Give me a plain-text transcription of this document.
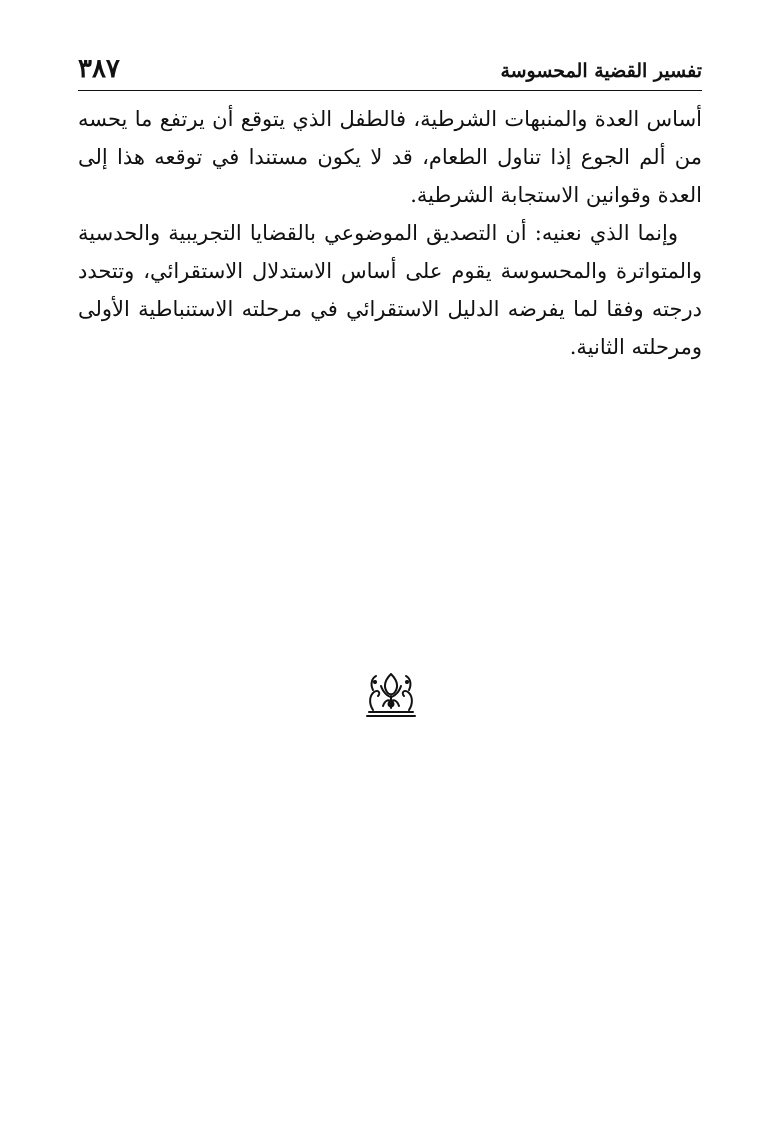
٣٨٧	تفسير القضية المحسوسة

أساس العدة والمنبهات الشرطية، فالطفل الذي يتوقع أن يرتفع ما يحسه من ألم الجوع إذا تناول الطعام، قد لا يكون مستندا في توقعه هذا إلى العدة وقوانين الاستجابة الشرطية.

وإنما الذي نعنيه: أن التصديق الموضوعي بالقضايا التجريبية والحدسية والمتواترة والمحسوسة يقوم على أساس الاستدلال الاستقرائي، وتتحدد درجته وفقا لما يفرضه الدليل الاستقرائي في مرحلته الاستنباطية الأولى ومرحلته الثانية.
